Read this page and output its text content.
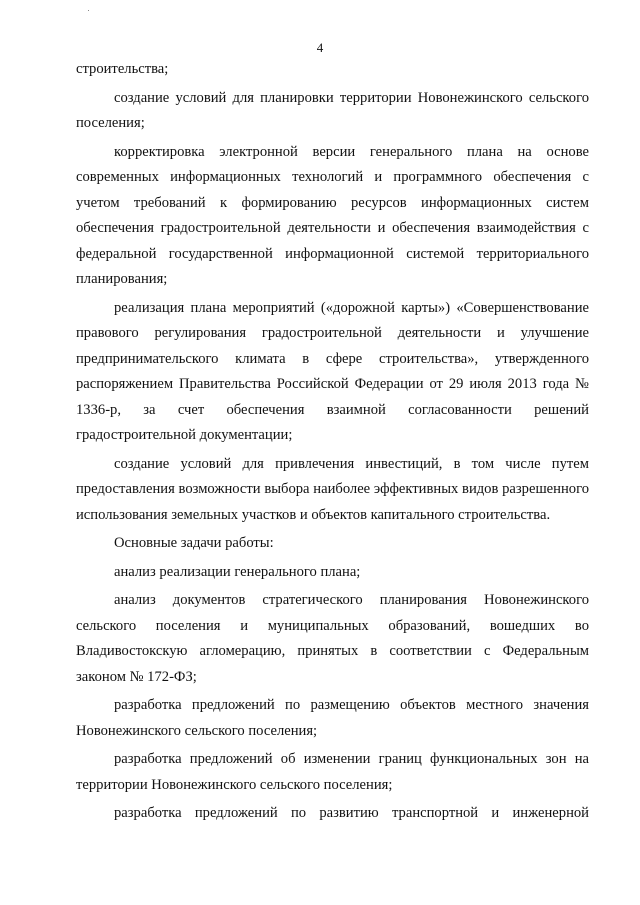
4

строительства;

создание условий для планировки территории Новонежинского сельского поселения;

корректировка электронной версии генерального плана на основе современных информационных технологий и программного обеспечения с учетом требований к формированию ресурсов информационных систем обеспечения градостроительной деятельности и обеспечения взаимодействия с федеральной государственной информационной системой территориального планирования;

реализация плана мероприятий («дорожной карты») «Совершенствование правового регулирования градостроительной деятельности и улучшение предпринимательского климата в сфере строительства», утвержденного распоряжением Правительства Российской Федерации от 29 июля 2013 года № 1336-р, за счет обеспечения взаимной согласованности решений градостроительной документации;

создание условий для привлечения инвестиций, в том числе путем предоставления возможности выбора наиболее эффективных видов разрешенного использования земельных участков и объектов капитального строительства.

Основные задачи работы:

анализ реализации генерального плана;

анализ документов стратегического планирования Новонежинского сельского поселения и муниципальных образований, вошедших во Владивостокскую агломерацию, принятых в соответствии с Федеральным законом № 172-ФЗ;

разработка предложений по размещению объектов местного значения Новонежинского сельского поселения;

разработка предложений об изменении границ функциональных зон на территории Новонежинского сельского поселения;

разработка предложений по развитию транспортной и инженерной
